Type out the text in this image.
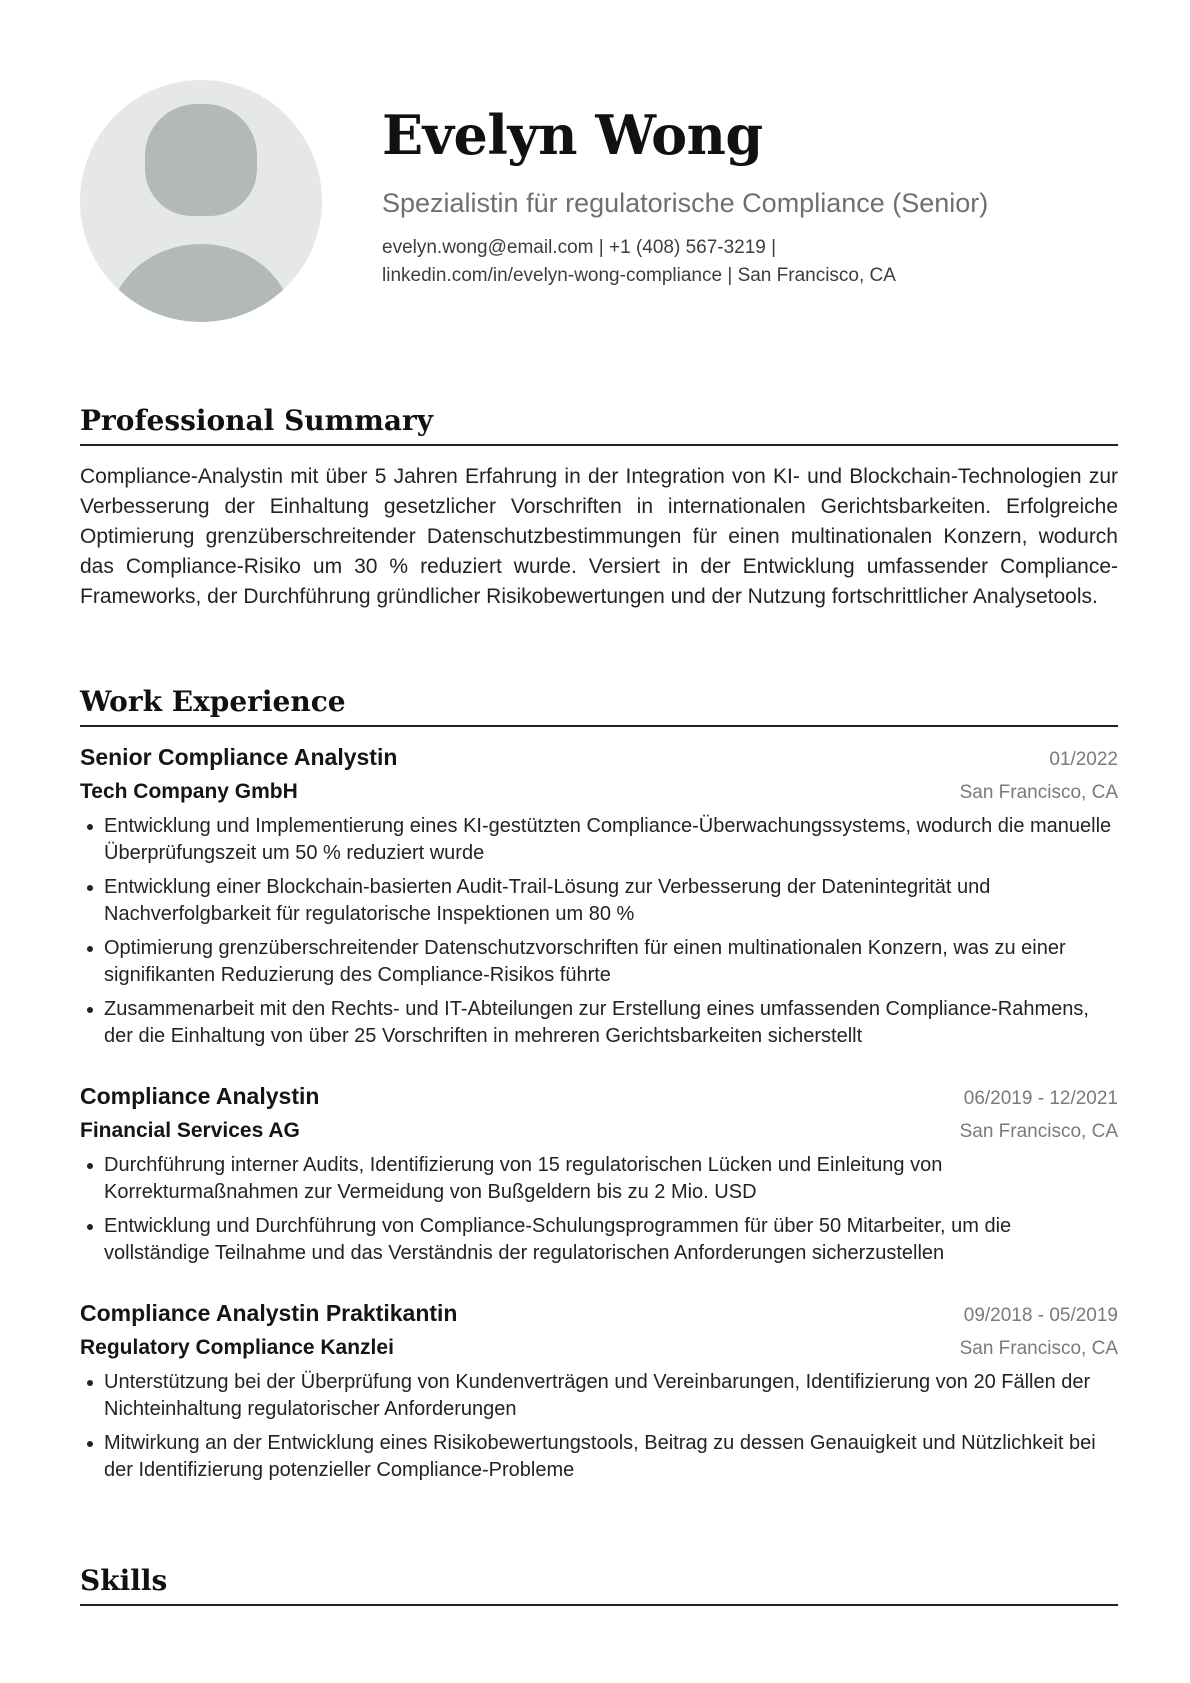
Evelyn Wong
Spezialistin für regulatorische Compliance (Senior)
evelyn.wong@email.com | +1 (408) 567-3219 |
linkedin.com/in/evelyn-wong-compliance | San Francisco, CA
Professional Summary
Compliance-Analystin mit über 5 Jahren Erfahrung in der Integration von KI- und Blockchain-Technologien zur Verbesserung der Einhaltung gesetzlicher Vorschriften in internationalen Gerichtsbarkeiten. Erfolgreiche Optimierung grenzüberschreitender Datenschutzbestimmungen für einen multinationalen Konzern, wodurch das Compliance-Risiko um 30 % reduziert wurde. Versiert in der Entwicklung umfassender Compliance-Frameworks, der Durchführung gründlicher Risikobewertungen und der Nutzung fortschrittlicher Analysetools.
Work Experience
Senior Compliance Analystin	01/2022
Tech Company GmbH	San Francisco, CA
Entwicklung und Implementierung eines KI-gestützten Compliance-Überwachungssystems, wodurch die manuelle Überprüfungszeit um 50 % reduziert wurde
Entwicklung einer Blockchain-basierten Audit-Trail-Lösung zur Verbesserung der Datenintegrität und Nachverfolgbarkeit für regulatorische Inspektionen um 80 %
Optimierung grenzüberschreitender Datenschutzvorschriften für einen multinationalen Konzern, was zu einer signifikanten Reduzierung des Compliance-Risikos führte
Zusammenarbeit mit den Rechts- und IT-Abteilungen zur Erstellung eines umfassenden Compliance-Rahmens, der die Einhaltung von über 25 Vorschriften in mehreren Gerichtsbarkeiten sicherstellt
Compliance Analystin	06/2019 - 12/2021
Financial Services AG	San Francisco, CA
Durchführung interner Audits, Identifizierung von 15 regulatorischen Lücken und Einleitung von Korrekturmaßnahmen zur Vermeidung von Bußgeldern bis zu 2 Mio. USD
Entwicklung und Durchführung von Compliance-Schulungsprogrammen für über 50 Mitarbeiter, um die vollständige Teilnahme und das Verständnis der regulatorischen Anforderungen sicherzustellen
Compliance Analystin Praktikantin	09/2018 - 05/2019
Regulatory Compliance Kanzlei	San Francisco, CA
Unterstützung bei der Überprüfung von Kundenverträgen und Vereinbarungen, Identifizierung von 20 Fällen der Nichteinhaltung regulatorischer Anforderungen
Mitwirkung an der Entwicklung eines Risikobewertungstools, Beitrag zu dessen Genauigkeit und Nützlichkeit bei der Identifizierung potenzieller Compliance-Probleme
Skills
